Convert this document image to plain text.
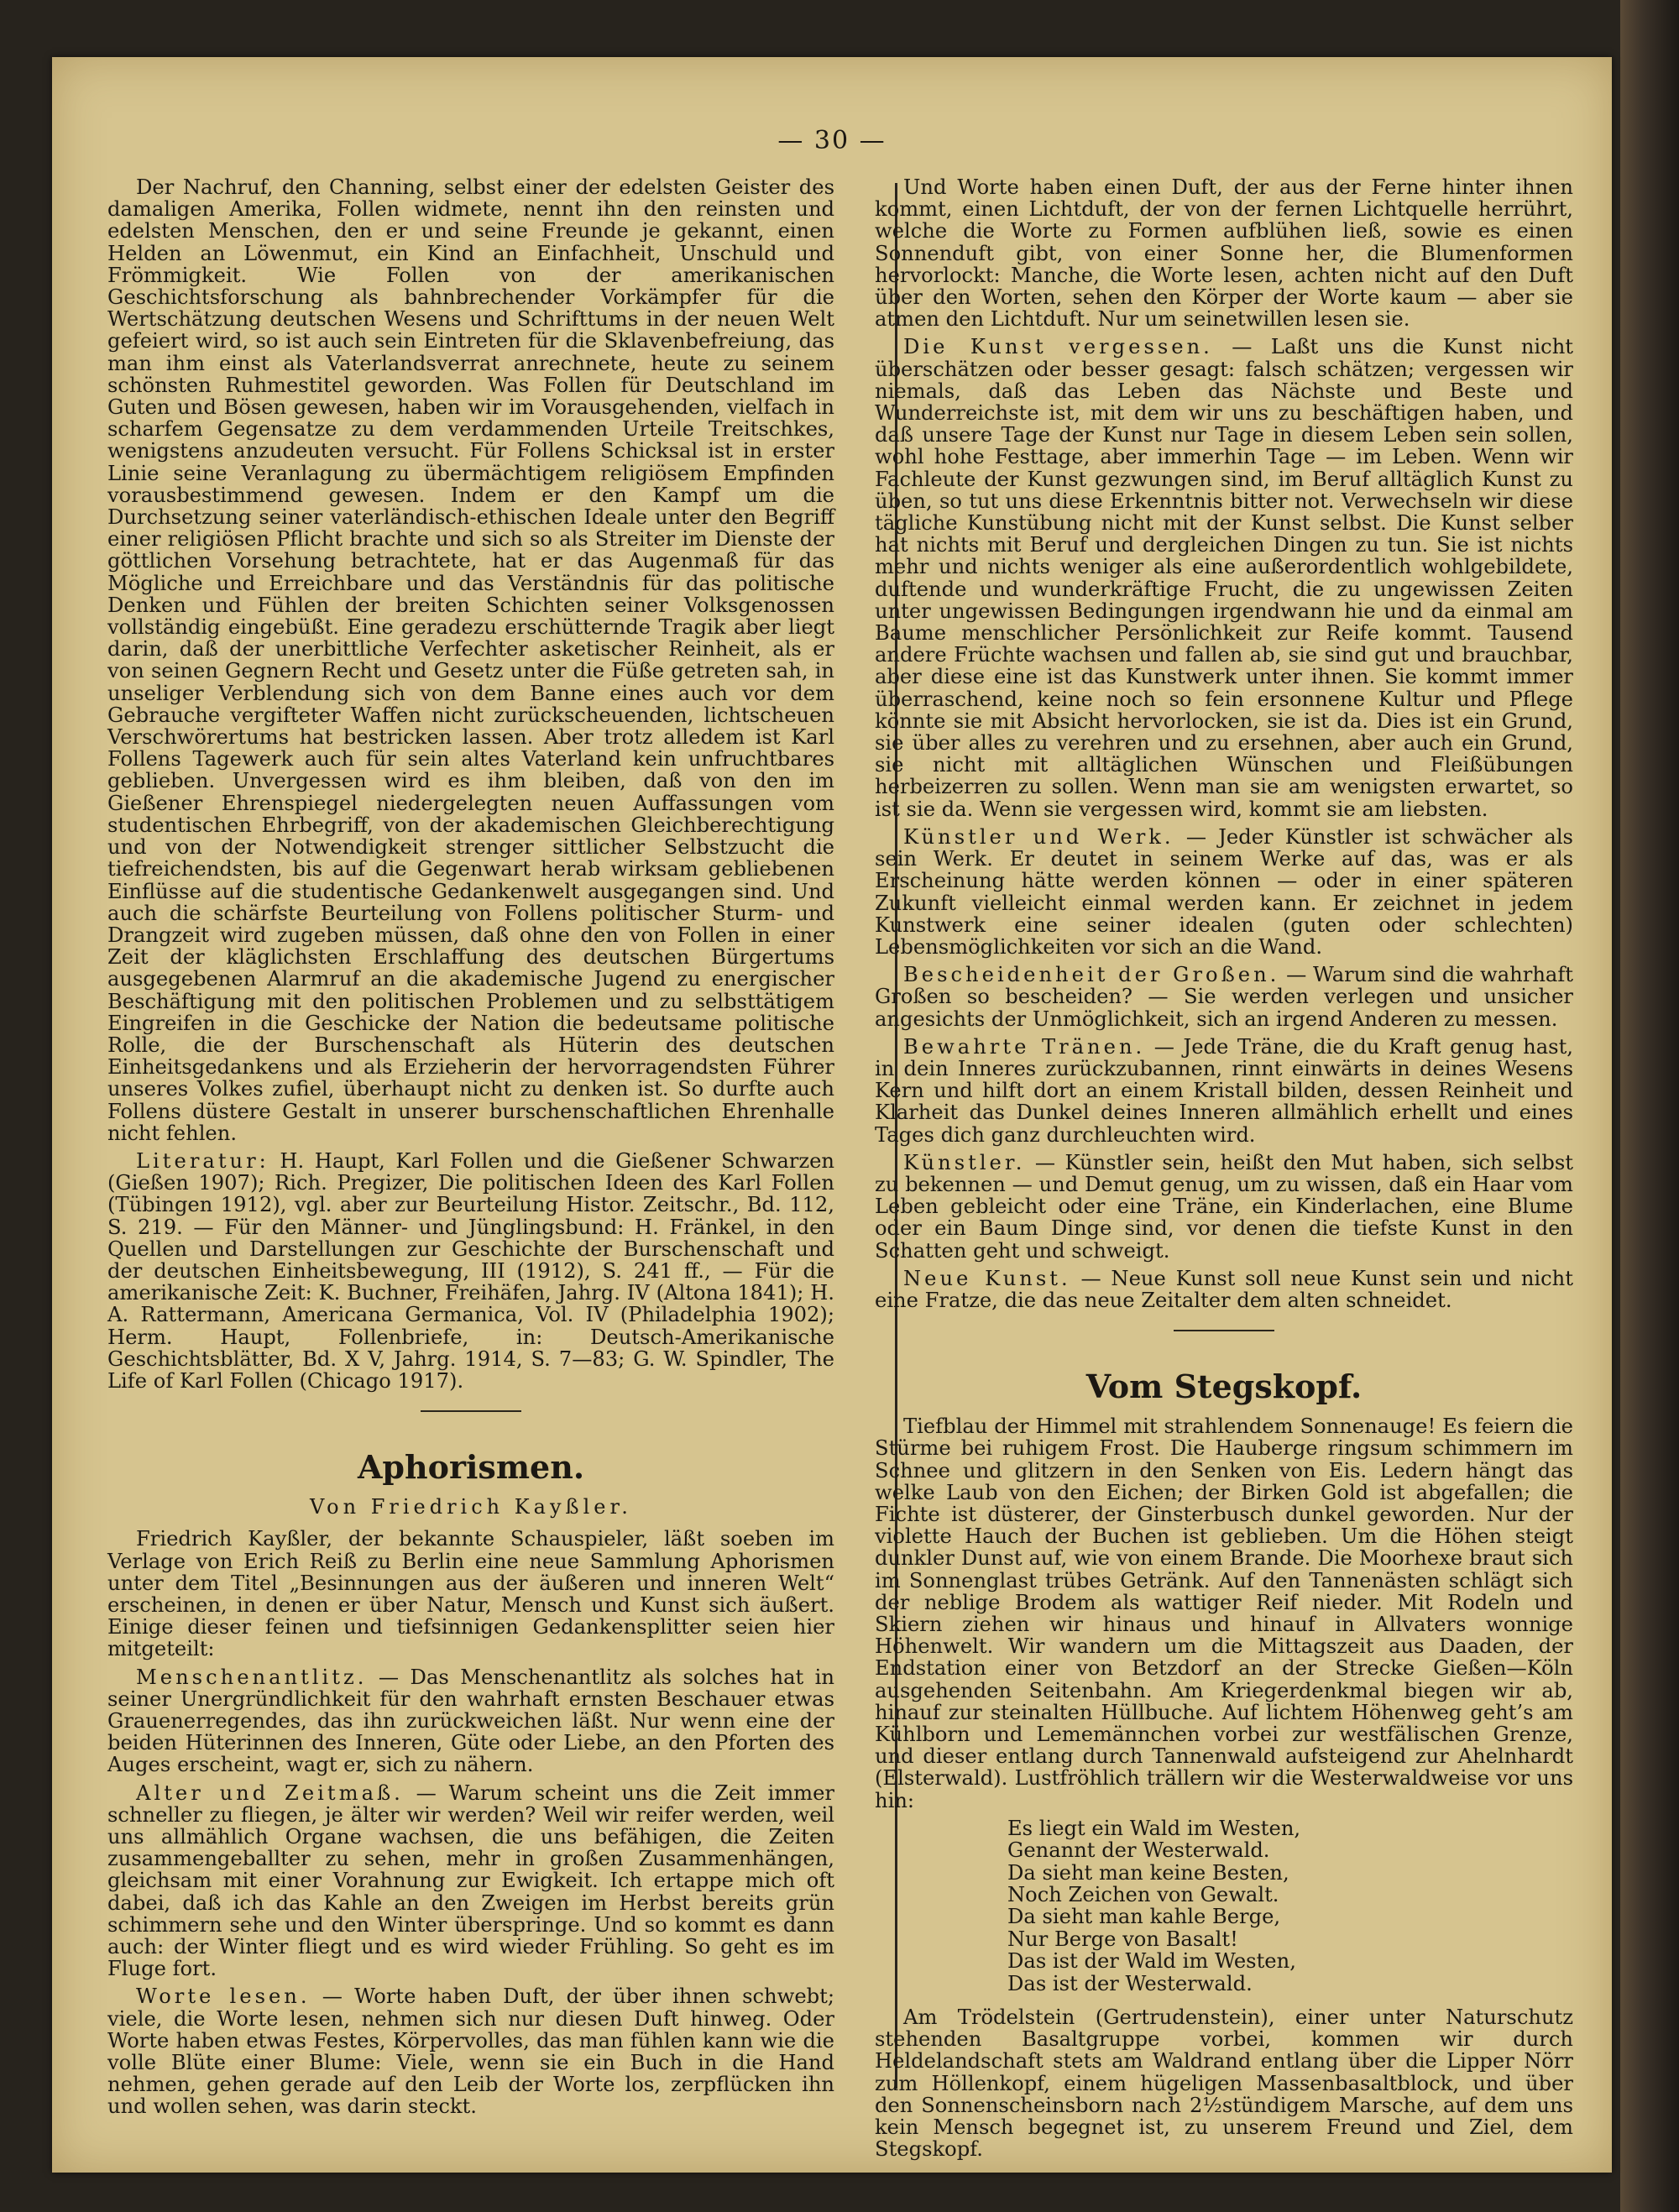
— 30 —

Der Nachruf, den Channing, selbst einer der edelsten Geister des damaligen Amerika, Follen widmete, nennt ihn den reinsten und edelsten Menschen, den er und seine Freunde je gekannt, einen Helden an Löwenmut, ein Kind an Einfachheit, Unschuld und Frömmigkeit. Wie Follen von der amerikanischen Geschichtsforschung als bahnbrechender Vorkämpfer für die Wertschätzung deutschen Wesens und Schrifttums in der neuen Welt gefeiert wird, so ist auch sein Eintreten für die Sklavenbefreiung, das man ihm einst als Vaterlandsverrat anrechnete, heute zu seinem schönsten Ruhmestitel geworden. Was Follen für Deutschland im Guten und Bösen gewesen, haben wir im Vorausgehenden, vielfach in scharfem Gegensatze zu dem verdammenden Urteile Treitschkes, wenigstens anzudeuten versucht. Für Follens Schicksal ist in erster Linie seine Veranlagung zu übermächtigem religiösem Empfinden vorausbestimmend gewesen. Indem er den Kampf um die Durchsetzung seiner vaterländisch-ethischen Ideale unter den Begriff einer religiösen Pflicht brachte und sich so als Streiter im Dienste der göttlichen Vorsehung betrachtete, hat er das Augenmaß für das Mögliche und Erreichbare und das Verständnis für das politische Denken und Fühlen der breiten Schichten seiner Volksgenossen vollständig eingebüßt. Eine geradezu erschütternde Tragik aber liegt darin, daß der unerbittliche Verfechter asketischer Reinheit, als er von seinen Gegnern Recht und Gesetz unter die Füße getreten sah, in unseliger Verblendung sich von dem Banne eines auch vor dem Gebrauche vergifteter Waffen nicht zurückscheuenden, lichtscheuen Verschwörertums hat bestricken lassen. Aber trotz alledem ist Karl Follens Tagewerk auch für sein altes Vaterland kein unfruchtbares geblieben. Unvergessen wird es ihm bleiben, daß von den im Gießener Ehrenspiegel niedergelegten neuen Auffassungen vom studentischen Ehrbegriff, von der akademischen Gleichberechtigung und von der Notwendigkeit strenger sittlicher Selbstzucht die tiefreichendsten, bis auf die Gegenwart herab wirksam gebliebenen Einflüsse auf die studentische Gedankenwelt ausgegangen sind. Und auch die schärfste Beurteilung von Follens politischer Sturm- und Drangzeit wird zugeben müssen, daß ohne den von Follen in einer Zeit der kläglichsten Erschlaffung des deutschen Bürgertums ausgegebenen Alarmruf an die akademische Jugend zu energischer Beschäftigung mit den politischen Problemen und zu selbsttätigem Eingreifen in die Geschicke der Nation die bedeutsame politische Rolle, die der Burschenschaft als Hüterin des deutschen Einheitsgedankens und als Erzieherin der hervorragendsten Führer unseres Volkes zufiel, überhaupt nicht zu denken ist. So durfte auch Follens düstere Gestalt in unserer burschenschaftlichen Ehrenhalle nicht fehlen.

Literatur: H. Haupt, Karl Follen und die Gießener Schwarzen (Gießen 1907); Rich. Pregizer, Die politischen Ideen des Karl Follen (Tübingen 1912), vgl. aber zur Beurteilung Histor. Zeitschr., Bd. 112, S. 219. — Für den Männer- und Jünglingsbund: H. Fränkel, in den Quellen und Darstellungen zur Geschichte der Burschenschaft und der deutschen Einheitsbewegung, III (1912), S. 241 ff., — Für die amerikanische Zeit: K. Buchner, Freihäfen, Jahrg. IV (Altona 1841); H. A. Rattermann, Americana Germanica, Vol. IV (Philadelphia 1902); Herm. Haupt, Follenbriefe, in: Deutsch-Amerikanische Geschichtsblätter, Bd. X V, Jahrg. 1914, S. 7—83; G. W. Spindler, The Life of Karl Follen (Chicago 1917).

Aphorismen.
Von Friedrich Kayßler.

Friedrich Kayßler, der bekannte Schauspieler, läßt soeben im Verlage von Erich Reiß zu Berlin eine neue Sammlung Aphorismen unter dem Titel „Besinnungen aus der äußeren und inneren Welt“ erscheinen, in denen er über Natur, Mensch und Kunst sich äußert. Einige dieser feinen und tiefsinnigen Gedankensplitter seien hier mitgeteilt:

Menschenantlitz. — Das Menschenantlitz als solches hat in seiner Unergründlichkeit für den wahrhaft ernsten Beschauer etwas Grauenerregendes, das ihn zurückweichen läßt. Nur wenn eine der beiden Hüterinnen des Inneren, Güte oder Liebe, an den Pforten des Auges erscheint, wagt er, sich zu nähern.

Alter und Zeitmaß. — Warum scheint uns die Zeit immer schneller zu fliegen, je älter wir werden? Weil wir reifer werden, weil uns allmählich Organe wachsen, die uns befähigen, die Zeiten zusammengeballter zu sehen, mehr in großen Zusammenhängen, gleichsam mit einer Vorahnung zur Ewigkeit. Ich ertappe mich oft dabei, daß ich das Kahle an den Zweigen im Herbst bereits grün schimmern sehe und den Winter überspringe. Und so kommt es dann auch: der Winter fliegt und es wird wieder Frühling. So geht es im Fluge fort.

Worte lesen. — Worte haben Duft, der über ihnen schwebt; viele, die Worte lesen, nehmen sich nur diesen Duft hinweg. Oder Worte haben etwas Festes, Körpervolles, das man fühlen kann wie die volle Blüte einer Blume: Viele, wenn sie ein Buch in die Hand nehmen, gehen gerade auf den Leib der Worte los, zerpflücken ihn und wollen sehen, was darin steckt.

Und Worte haben einen Duft, der aus der Ferne hinter ihnen kommt, einen Lichtduft, der von der fernen Lichtquelle herrührt, welche die Worte zu Formen aufblühen ließ, sowie es einen Sonnenduft gibt, von einer Sonne her, die Blumenformen hervorlockt: Manche, die Worte lesen, achten nicht auf den Duft über den Worten, sehen den Körper der Worte kaum — aber sie atmen den Lichtduft. Nur um seinetwillen lesen sie.

Die Kunst vergessen. — Laßt uns die Kunst nicht überschätzen oder besser gesagt: falsch schätzen; vergessen wir niemals, daß das Leben das Nächste und Beste und Wunderreichste ist, mit dem wir uns zu beschäftigen haben, und daß unsere Tage der Kunst nur Tage in diesem Leben sein sollen, wohl hohe Festtage, aber immerhin Tage — im Leben. Wenn wir Fachleute der Kunst gezwungen sind, im Beruf alltäglich Kunst zu üben, so tut uns diese Erkenntnis bitter not. Verwechseln wir diese tägliche Kunstübung nicht mit der Kunst selbst. Die Kunst selber hat nichts mit Beruf und dergleichen Dingen zu tun. Sie ist nichts mehr und nichts weniger als eine außerordentlich wohlgebildete, duftende und wunderkräftige Frucht, die zu ungewissen Zeiten unter ungewissen Bedingungen irgendwann hie und da einmal am Baume menschlicher Persönlichkeit zur Reife kommt. Tausend andere Früchte wachsen und fallen ab, sie sind gut und brauchbar, aber diese eine ist das Kunstwerk unter ihnen. Sie kommt immer überraschend, keine noch so fein ersonnene Kultur und Pflege könnte sie mit Absicht hervorlocken, sie ist da. Dies ist ein Grund, sie über alles zu verehren und zu ersehnen, aber auch ein Grund, sie nicht mit alltäglichen Wünschen und Fleißübungen herbeizerren zu sollen. Wenn man sie am wenigsten erwartet, so ist sie da. Wenn sie vergessen wird, kommt sie am liebsten.

Künstler und Werk. — Jeder Künstler ist schwächer als sein Werk. Er deutet in seinem Werke auf das, was er als Erscheinung hätte werden können — oder in einer späteren Zukunft vielleicht einmal werden kann. Er zeichnet in jedem Kunstwerk eine seiner idealen (guten oder schlechten) Lebensmöglichkeiten vor sich an die Wand.

Bescheidenheit der Großen. — Warum sind die wahrhaft Großen so bescheiden? — Sie werden verlegen und unsicher angesichts der Unmöglichkeit, sich an irgend Anderen zu messen.

Bewahrte Tränen. — Jede Träne, die du Kraft genug hast, in dein Inneres zurückzubannen, rinnt einwärts in deines Wesens Kern und hilft dort an einem Kristall bilden, dessen Reinheit und Klarheit das Dunkel deines Inneren allmählich erhellt und eines Tages dich ganz durchleuchten wird.

Künstler. — Künstler sein, heißt den Mut haben, sich selbst zu bekennen — und Demut genug, um zu wissen, daß ein Haar vom Leben gebleicht oder eine Träne, ein Kinderlachen, eine Blume oder ein Baum Dinge sind, vor denen die tiefste Kunst in den Schatten geht und schweigt.

Neue Kunst. — Neue Kunst soll neue Kunst sein und nicht eine Fratze, die das neue Zeitalter dem alten schneidet.

Vom Stegskopf.

Tiefblau der Himmel mit strahlendem Sonnenauge! Es feiern die Stürme bei ruhigem Frost. Die Hauberge ringsum schimmern im Schnee und glitzern in den Senken von Eis. Ledern hängt das welke Laub von den Eichen; der Birken Gold ist abgefallen; die Fichte ist düsterer, der Ginsterbusch dunkel geworden. Nur der violette Hauch der Buchen ist geblieben. Um die Höhen steigt dunkler Dunst auf, wie von einem Brande. Die Moorhexe braut sich im Sonnenglast trübes Getränk. Auf den Tannenästen schlägt sich der neblige Brodem als wattiger Reif nieder. Mit Rodeln und Skiern ziehen wir hinaus und hinauf in Allvaters wonnige Höhenwelt. Wir wandern um die Mittagszeit aus Daaden, der Endstation einer von Betzdorf an der Strecke Gießen—Köln ausgehenden Seitenbahn. Am Kriegerdenkmal biegen wir ab, hinauf zur steinalten Hüllbuche. Auf lichtem Höhenweg geht’s am Kühlborn und Lememännchen vorbei zur westfälischen Grenze, und dieser entlang durch Tannenwald aufsteigend zur Ahelnhardt (Elsterwald). Lustfröhlich trällern wir die Westerwaldweise vor uns hin:

Es liegt ein Wald im Westen,
Genannt der Westerwald.
Da sieht man keine Besten,
Noch Zeichen von Gewalt.
Da sieht man kahle Berge,
Nur Berge von Basalt!
Das ist der Wald im Westen,
Das ist der Westerwald.

Am Trödelstein (Gertrudenstein), einer unter Naturschutz stehenden Basaltgruppe vorbei, kommen wir durch Heldelandschaft stets am Waldrand entlang über die Lipper Nörr zum Höllenkopf, einem hügeligen Massenbasaltblock, und über den Sonnenscheinsborn nach 2½stündigem Marsche, auf dem uns kein Mensch begegnet ist, zu unserem Freund und Ziel, dem Stegskopf.
